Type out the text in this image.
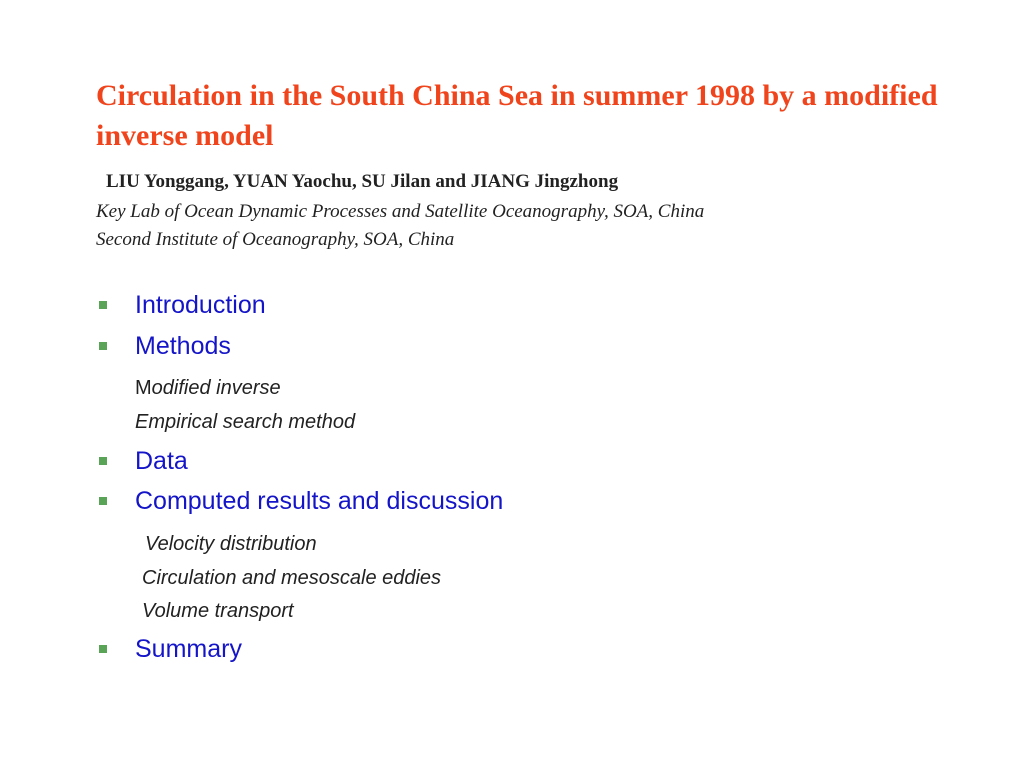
Circulation in the South China Sea in summer 1998 by a modified inverse model
LIU Yonggang, YUAN Yaochu, SU Jilan and JIANG Jingzhong
Key Lab of Ocean Dynamic Processes and Satellite Oceanography, SOA, China
Second Institute of Oceanography, SOA, China
Introduction
Methods
Modified inverse
Empirical search method
Data
Computed results and discussion
Velocity distribution
Circulation and mesoscale eddies
Volume transport
Summary
